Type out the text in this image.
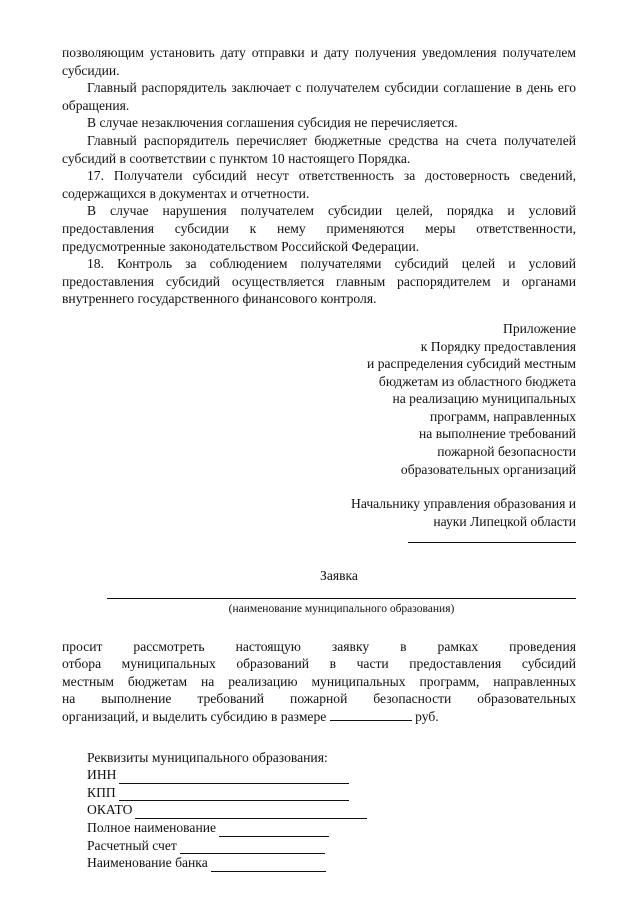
позволяющим установить дату отправки и дату получения уведомления получателем субсидии.

Главный распорядитель заключает с получателем субсидии соглашение в день его обращения.

В случае незаключения соглашения субсидия не перечисляется.

Главный распорядитель перечисляет бюджетные средства на счета получателей субсидий в соответствии с пунктом 10 настоящего Порядка.

17. Получатели субсидий несут ответственность за достоверность сведений, содержащихся в документах и отчетности.

В случае нарушения получателем субсидии целей, порядка и условий предоставления субсидии к нему применяются меры ответственности, предусмотренные законодательством Российской Федерации.

18. Контроль за соблюдением получателями субсидий целей и условий предоставления субсидий осуществляется главным распорядителем и органами внутреннего государственного финансового контроля.

Приложение
к Порядку предоставления
и распределения субсидий местным
бюджетам из областного бюджета
на реализацию муниципальных
программ, направленных
на выполнение требований
пожарной безопасности
образовательных организаций
Начальнику управления образования и
науки Липецкой области

Заявка

(наименование муниципального образования)

просит рассмотреть настоящую заявку в рамках проведения

отбора муниципальных образований в части предоставления субсидий

местным бюджетам на реализацию муниципальных программ, направленных

на выполнение требований пожарной безопасности образовательных

организаций, и выделить субсидию в размере	руб.

Реквизиты муниципального образования:
ИНН
КПП
ОКАТО
Полное наименование
Расчетный счет
Наименование банка
